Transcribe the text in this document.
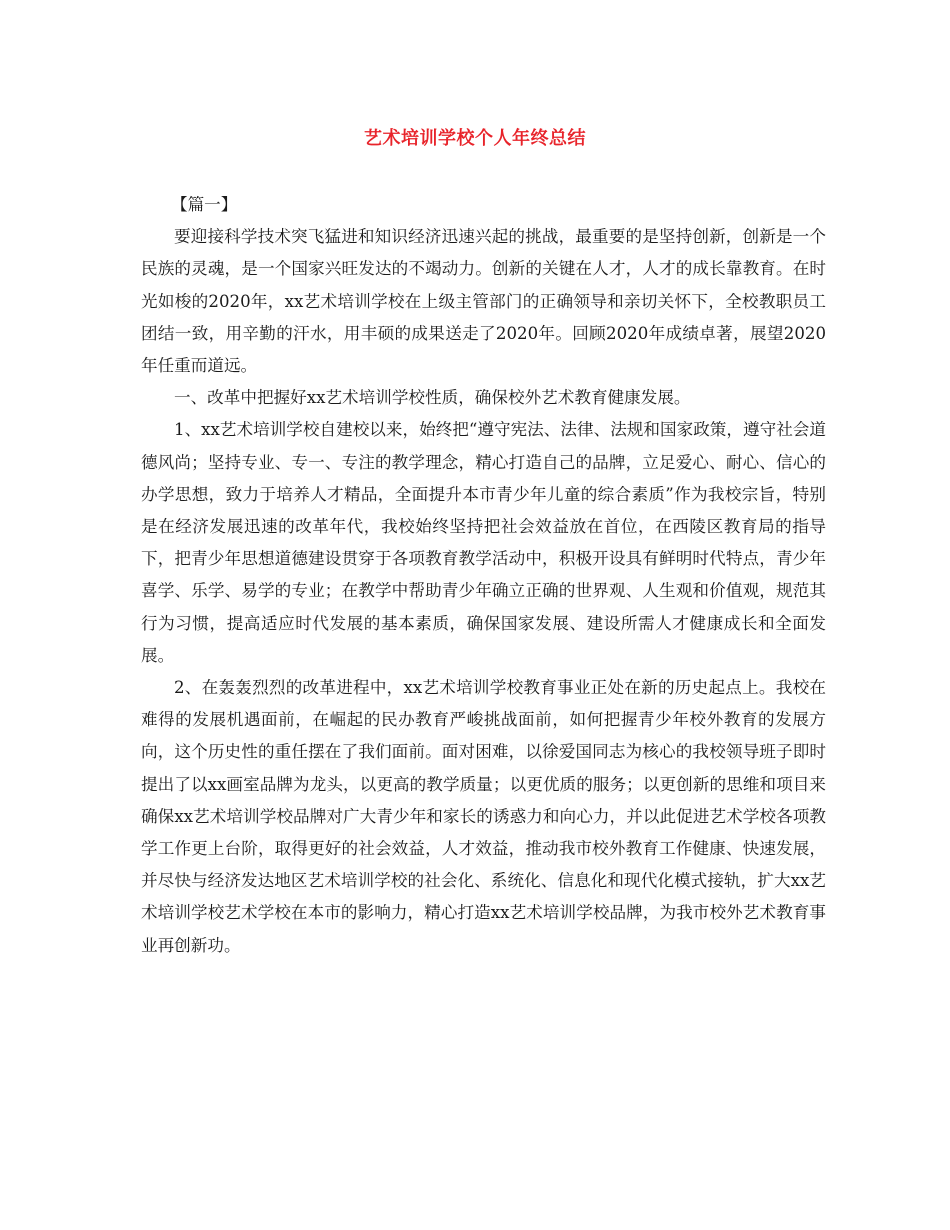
艺术培训学校个人年终总结

【篇一】

要迎接科学技术突飞猛进和知识经济迅速兴起的挑战，最重要的是坚持创新，创新是一个民族的灵魂，是一个国家兴旺发达的不竭动力。创新的关键在人才，人才的成长靠教育。在时光如梭的2020年，xx艺术培训学校在上级主管部门的正确领导和亲切关怀下，全校教职员工团结一致，用辛勤的汗水，用丰硕的成果送走了2020年。回顾2020年成绩卓著，展望2020年任重而道远。

一、改革中把握好xx艺术培训学校性质，确保校外艺术教育健康发展。

1、xx艺术培训学校自建校以来，始终把“遵守宪法、法律、法规和国家政策，遵守社会道德风尚；坚持专业、专一、专注的教学理念，精心打造自己的品牌，立足爱心、耐心、信心的办学思想，致力于培养人才精品，全面提升本市青少年儿童的综合素质”作为我校宗旨，特别是在经济发展迅速的改革年代，我校始终坚持把社会效益放在首位，在西陵区教育局的指导下，把青少年思想道德建设贯穿于各项教育教学活动中，积极开设具有鲜明时代特点，青少年喜学、乐学、易学的专业；在教学中帮助青少年确立正确的世界观、人生观和价值观，规范其行为习惯，提高适应时代发展的基本素质，确保国家发展、建设所需人才健康成长和全面发展。

2、在轰轰烈烈的改革进程中，xx艺术培训学校教育事业正处在新的历史起点上。我校在难得的发展机遇面前，在崛起的民办教育严峻挑战面前，如何把握青少年校外教育的发展方向，这个历史性的重任摆在了我们面前。面对困难，以徐爱国同志为核心的我校领导班子即时提出了以xx画室品牌为龙头，以更高的教学质量；以更优质的服务；以更创新的思维和项目来确保xx艺术培训学校品牌对广大青少年和家长的诱惑力和向心力，并以此促进艺术学校各项教学工作更上台阶，取得更好的社会效益，人才效益，推动我市校外教育工作健康、快速发展，并尽快与经济发达地区艺术培训学校的社会化、系统化、信息化和现代化模式接轨，扩大xx艺术培训学校艺术学校在本市的影响力，精心打造xx艺术培训学校品牌，为我市校外艺术教育事业再创新功。
